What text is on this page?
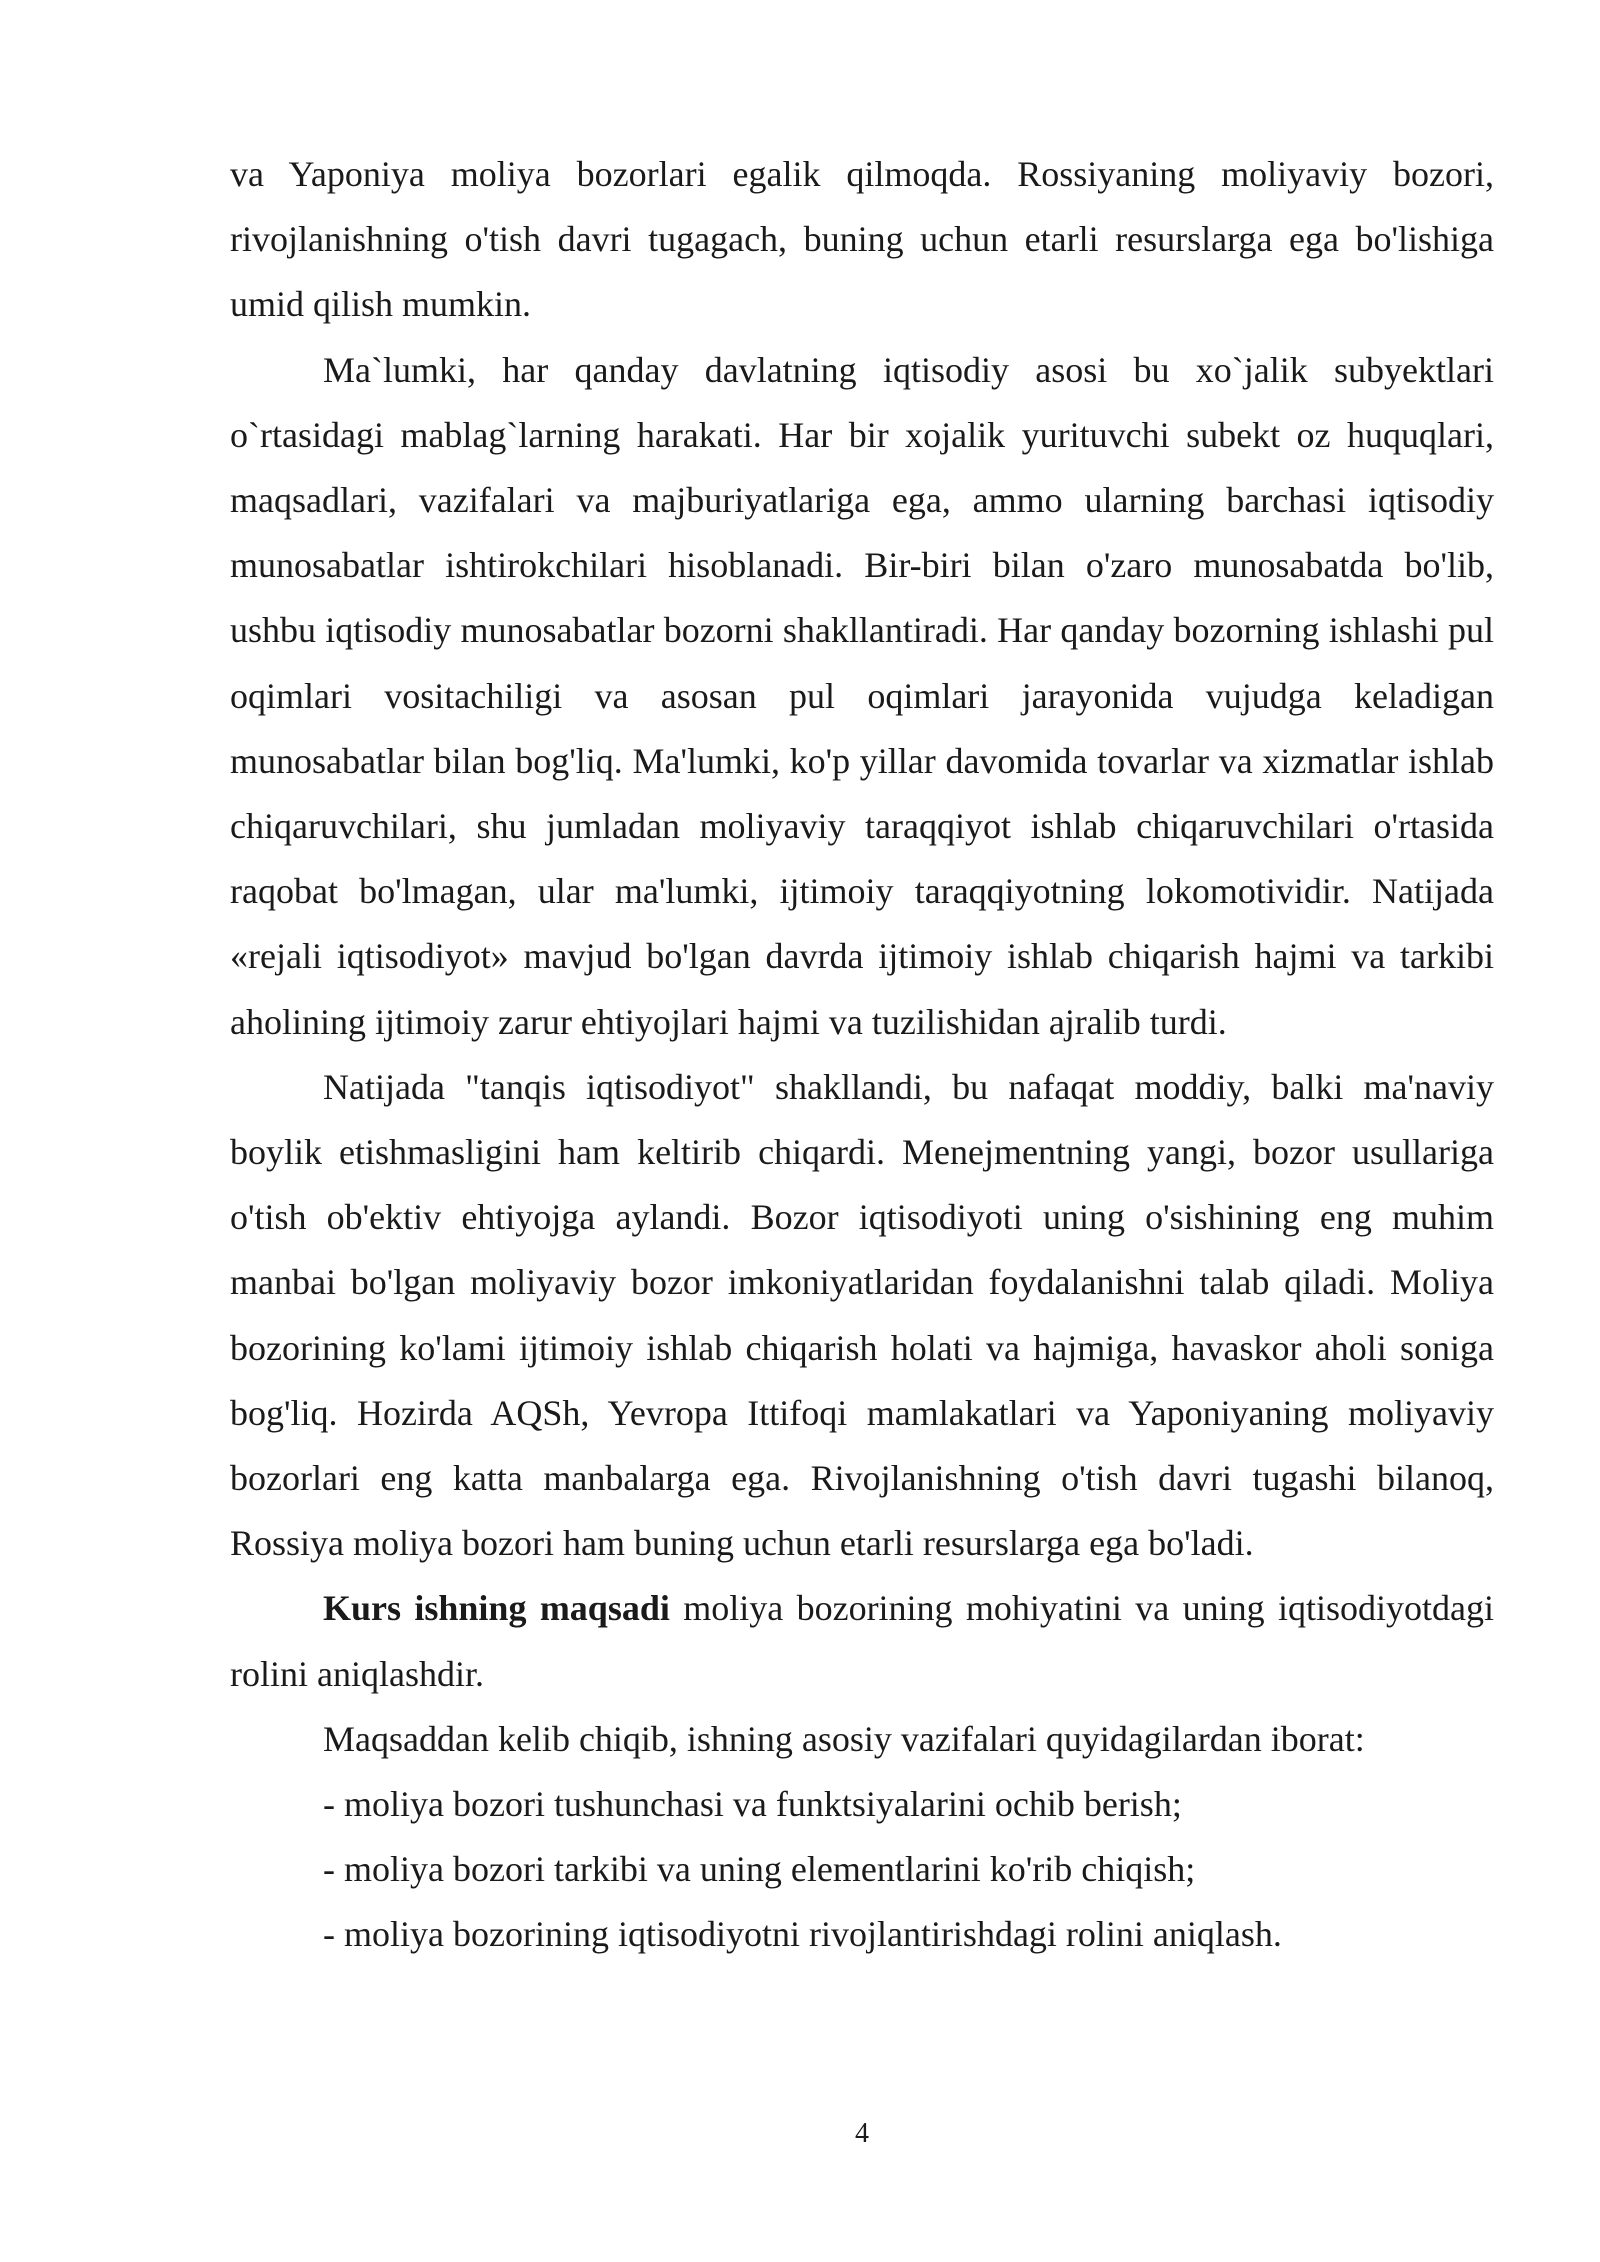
va Yaponiya moliya bozorlari egalik qilmoqda. Rossiyaning moliyaviy bozori, rivojlanishning o'tish davri tugagach, buning uchun etarli resurslarga ega bo'lishiga umid qilish mumkin.

Ma`lumki, har qanday davlatning iqtisodiy asosi bu xo`jalik subyektlari o`rtasidagi mablag`larning harakati. Har bir xojalik yurituvchi subekt oz huquqlari, maqsadlari, vazifalari va majburiyatlariga ega, ammo ularning barchasi iqtisodiy munosabatlar ishtirokchilari hisoblanadi. Bir-biri bilan o'zaro munosabatda bo'lib, ushbu iqtisodiy munosabatlar bozorni shakllantiradi. Har qanday bozorning ishlashi pul oqimlari vositachiligi va asosan pul oqimlari jarayonida vujudga keladigan munosabatlar bilan bog'liq. Ma'lumki, ko'p yillar davomida tovarlar va xizmatlar ishlab chiqaruvchilari, shu jumladan moliyaviy taraqqiyot ishlab chiqaruvchilari o'rtasida raqobat bo'lmagan, ular ma'lumki, ijtimoiy taraqqiyotning lokomotividir. Natijada «rejali iqtisodiyot» mavjud bo'lgan davrda ijtimoiy ishlab chiqarish hajmi va tarkibi aholining ijtimoiy zarur ehtiyojlari hajmi va tuzilishidan ajralib turdi.

Natijada "tanqis iqtisodiyot" shakllandi, bu nafaqat moddiy, balki ma'naviy boylik etishmasligini ham keltirib chiqardi. Menejmentning yangi, bozor usullariga o'tish ob'ektiv ehtiyojga aylandi. Bozor iqtisodiyoti uning o'sishining eng muhim manbai bo'lgan moliyaviy bozor imkoniyatlaridan foydalanishni talab qiladi. Moliya bozorining ko'lami ijtimoiy ishlab chiqarish holati va hajmiga, havaskor aholi soniga bog'liq. Hozirda AQSh, Yevropa Ittifoqi mamlakatlari va Yaponiyaning moliyaviy bozorlari eng katta manbalarga ega. Rivojlanishning o'tish davri tugashi bilanoq, Rossiya moliya bozori ham buning uchun etarli resurslarga ega bo'ladi.

Kurs ishning maqsadi moliya bozorining mohiyatini va uning iqtisodiyotdagi rolini aniqlashdir.

Maqsaddan kelib chiqib, ishning asosiy vazifalari quyidagilardan iborat:

- moliya bozori tushunchasi va funktsiyalarini ochib berish;

- moliya bozori tarkibi va uning elementlarini ko'rib chiqish;

- moliya bozorining iqtisodiyotni rivojlantirishdagi rolini aniqlash.

4
